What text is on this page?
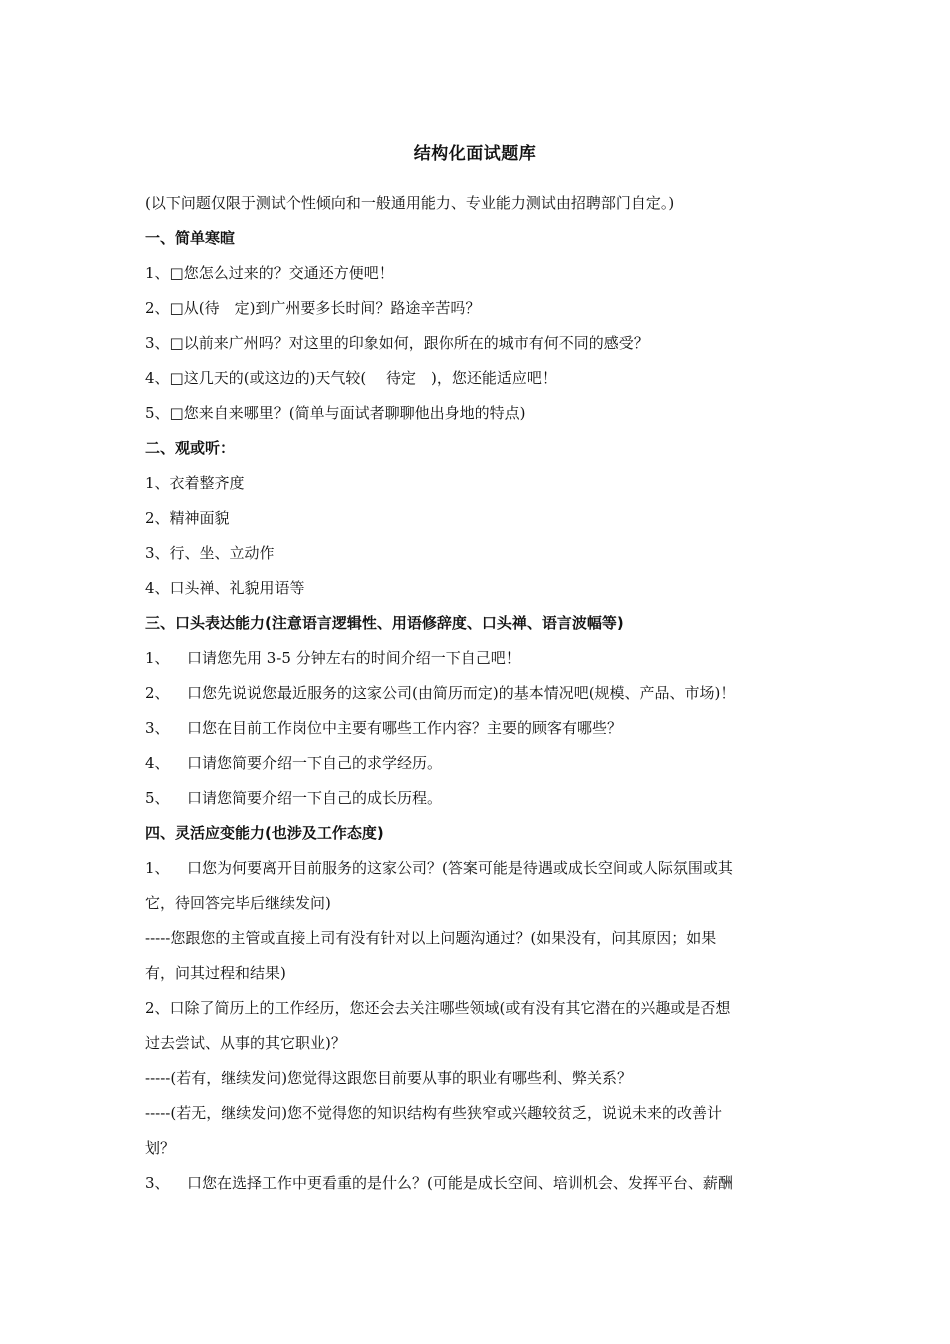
结构化面试题库
(以下问题仅限于测试个性倾向和一般通用能力、专业能力测试由招聘部门自定。)
一、简单寒暄
1、□您怎么过来的？交通还方便吧！
2、□从(待　定)到广州要多长时间？路途辛苦吗？
3、□以前来广州吗？对这里的印象如何，跟你所在的城市有何不同的感受？
4、□这几天的(或这边的)天气较(　 待定　)，您还能适应吧！
5、□您来自来哪里？(简单与面试者聊聊他出身地的特点)
二、观或听：
1、衣着整齐度
2、精神面貌
3、行、坐、立动作
4、口头禅、礼貌用语等
三、口头表达能力(注意语言逻辑性、用语修辞度、口头禅、语言波幅等)
1、 口请您先用 3-5 分钟左右的时间介绍一下自己吧！
2、 口您先说说您最近服务的这家公司(由简历而定)的基本情况吧(规模、产品、市场)！
3、 口您在目前工作岗位中主要有哪些工作内容？主要的顾客有哪些？
4、 口请您简要介绍一下自己的求学经历。
5、 口请您简要介绍一下自己的成长历程。
四、灵活应变能力(也涉及工作态度)
1、 口您为何要离开目前服务的这家公司？(答案可能是待遇或成长空间或人际氛围或其
它，待回答完毕后继续发问)
-----您跟您的主管或直接上司有没有针对以上问题沟通过？(如果没有，问其原因；如果
有，问其过程和结果)
2、口除了简历上的工作经历，您还会去关注哪些领域(或有没有其它潜在的兴趣或是否想
过去尝试、从事的其它职业)？
-----(若有，继续发问)您觉得这跟您目前要从事的职业有哪些利、弊关系？
-----(若无，继续发问)您不觉得您的知识结构有些狭窄或兴趣较贫乏，说说未来的改善计
划？
3、 口您在选择工作中更看重的是什么？(可能是成长空间、培训机会、发挥平台、薪酬
